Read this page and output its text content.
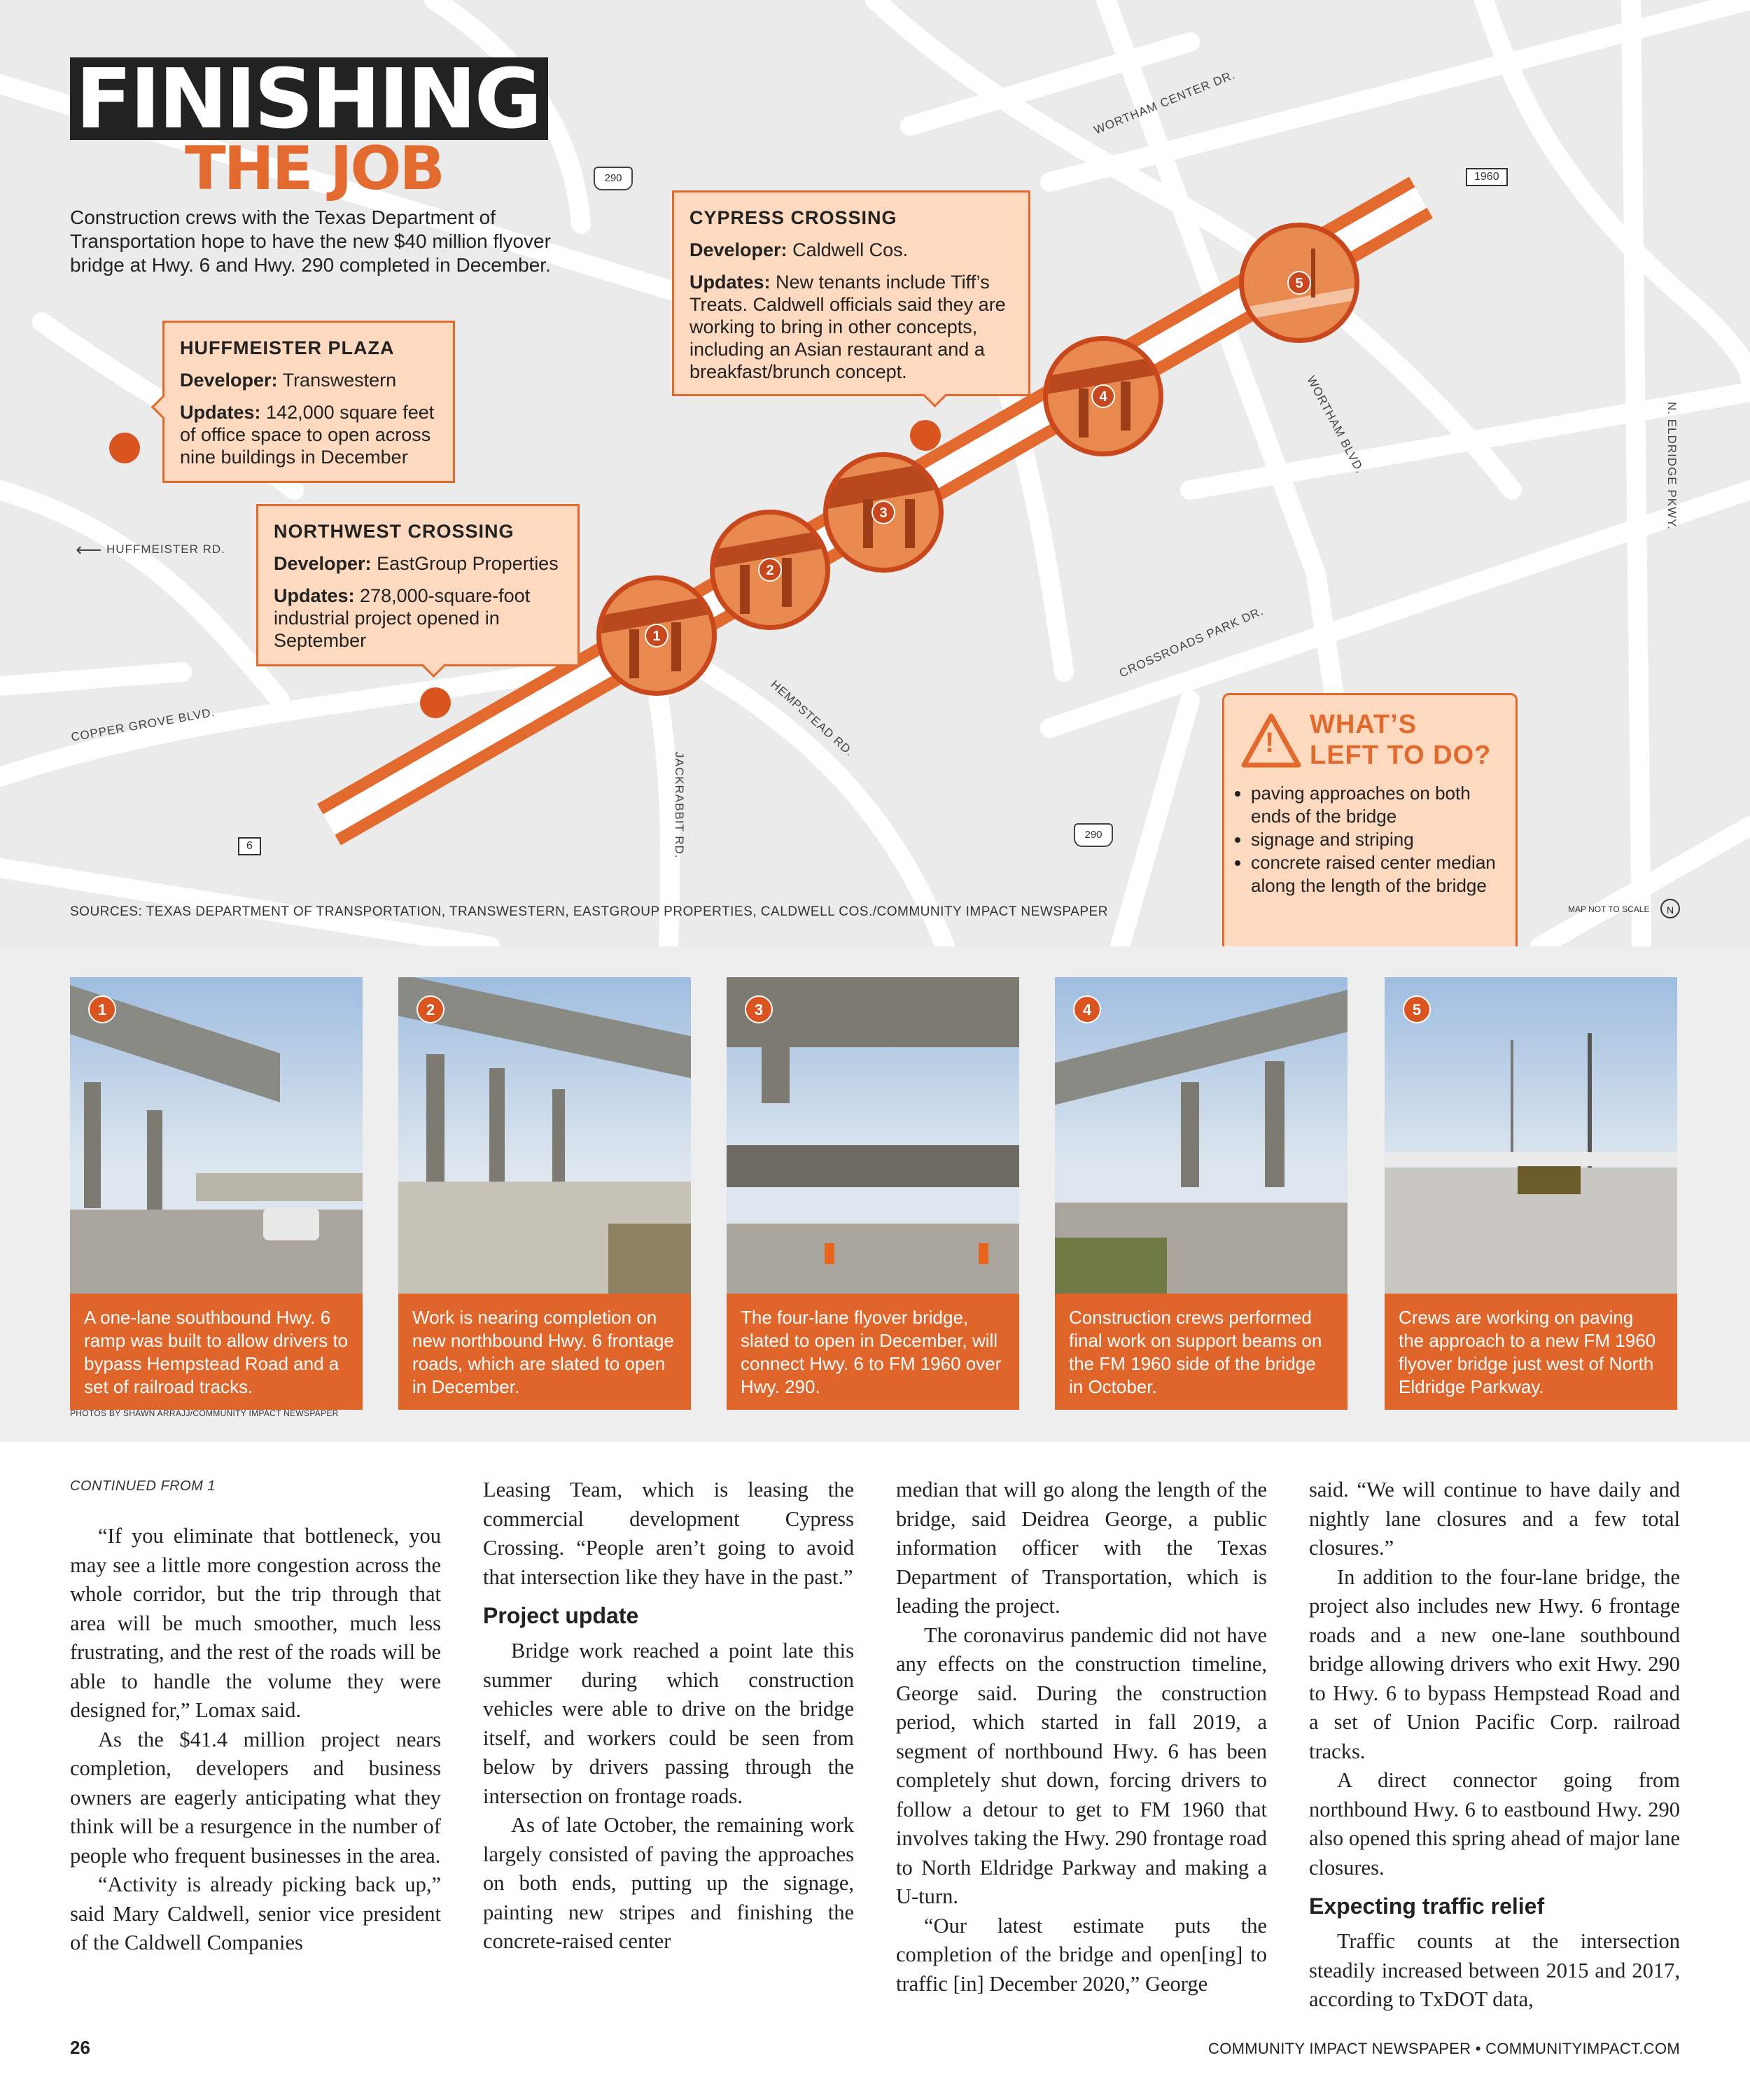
WORTHAM CENTER DR.
WORTHAM BLVD.	N. ELDRIDGE PKWY.
CROSSROADS PARK DR.
HEMPSTEAD RD.
JACKRABBIT RD.
COPPER GROVE BLVD.
⟵ HUFFMEISTER RD.
290
290
1960
6
FINISHING
THE JOB
Construction crews with the Texas Department of Transportation hope to have the new $40 million flyover bridge at Hwy. 6 and Hwy. 290 completed in December.
HUFFMEISTER PLAZA

Developer: Transwestern

Updates: 142,000 square feet of office space to open across nine buildings in December

NORTHWEST CROSSING

Developer: EastGroup Properties

Updates: 278,000-square-foot industrial project opened in September

CYPRESS CROSSING

Developer: Caldwell Cos.

Updates: New tenants include Tiff’s Treats. Caldwell officials said they are working to bring in other concepts, including an Asian restaurant and a breakfast/brunch concept.

1
2
3
4
5
!
WHAT’S
LEFT TO DO?
• paving approaches on both ends of the bridge
• signage and striping
• concrete raised center median along the length of the bridge
SOURCES: TEXAS DEPARTMENT OF TRANSPORTATION, TRANSWESTERN, EASTGROUP PROPERTIES, CALDWELL COS./COMMUNITY IMPACT NEWSPAPER	MAP NOT TO SCALE	N
1
A one-lane southbound Hwy. 6 ramp was built to allow drivers to bypass Hempstead Road and a set of railroad tracks.
2
Work is nearing completion on new northbound Hwy. 6 frontage roads, which are slated to open in December.
3
The four-lane flyover bridge, slated to open in December, will connect Hwy. 6 to FM 1960 over Hwy. 290.
4
Construction crews performed final work on support beams on the FM 1960 side of the bridge in October.
5
Crews are working on paving the approach to a new FM 1960 flyover bridge just west of North Eldridge Parkway.
PHOTOS BY SHAWN ARRAJJ/COMMUNITY IMPACT NEWSPAPER

CONTINUED FROM 1

“If you eliminate that bottleneck, you may see a little more congestion across the whole corridor, but the trip through that area will be much smoother, much less frustrating, and the rest of the roads will be able to handle the volume they were designed for,” Lomax said.

As the $41.4 million project nears completion, developers and business owners are eagerly anticipating what they think will be a resurgence in the number of people who frequent businesses in the area.

“Activity is already picking back up,” said Mary Caldwell, senior vice president of the Caldwell Companies

Leasing Team, which is leasing the commercial development Cypress Crossing. “People aren’t going to avoid that intersection like they have in the past.”

Project update

Bridge work reached a point late this summer during which construction vehicles were able to drive on the bridge itself, and workers could be seen from below by drivers passing through the intersection on frontage roads.

As of late October, the remaining work largely consisted of paving the approaches on both ends, putting up the signage, painting new stripes and finishing the concrete-raised center

median that will go along the length of the bridge, said Deidrea George, a public information officer with the Texas Department of Transportation, which is leading the project.

The coronavirus pandemic did not have any effects on the construction timeline, George said. During the construction period, which started in fall 2019, a segment of northbound Hwy. 6 has been completely shut down, forcing drivers to follow a detour to get to FM 1960 that involves taking the Hwy. 290 frontage road to North Eldridge Parkway and making a U-turn.

“Our latest estimate puts the completion of the bridge and open[ing] to traffic [in] December 2020,” George

said. “We will continue to have daily and nightly lane closures and a few total closures.”

In addition to the four-lane bridge, the project also includes new Hwy. 6 frontage roads and a new one-lane southbound bridge allowing drivers who exit Hwy. 290 to Hwy. 6 to bypass Hempstead Road and a set of Union Pacific Corp. railroad tracks.

A direct connector going from northbound Hwy. 6 to eastbound Hwy. 290 also opened this spring ahead of major lane closures.

Expecting traffic relief

Traffic counts at the intersection steadily increased between 2015 and 2017, according to TxDOT data,

26	COMMUNITY IMPACT NEWSPAPER • COMMUNITYIMPACT.COM
